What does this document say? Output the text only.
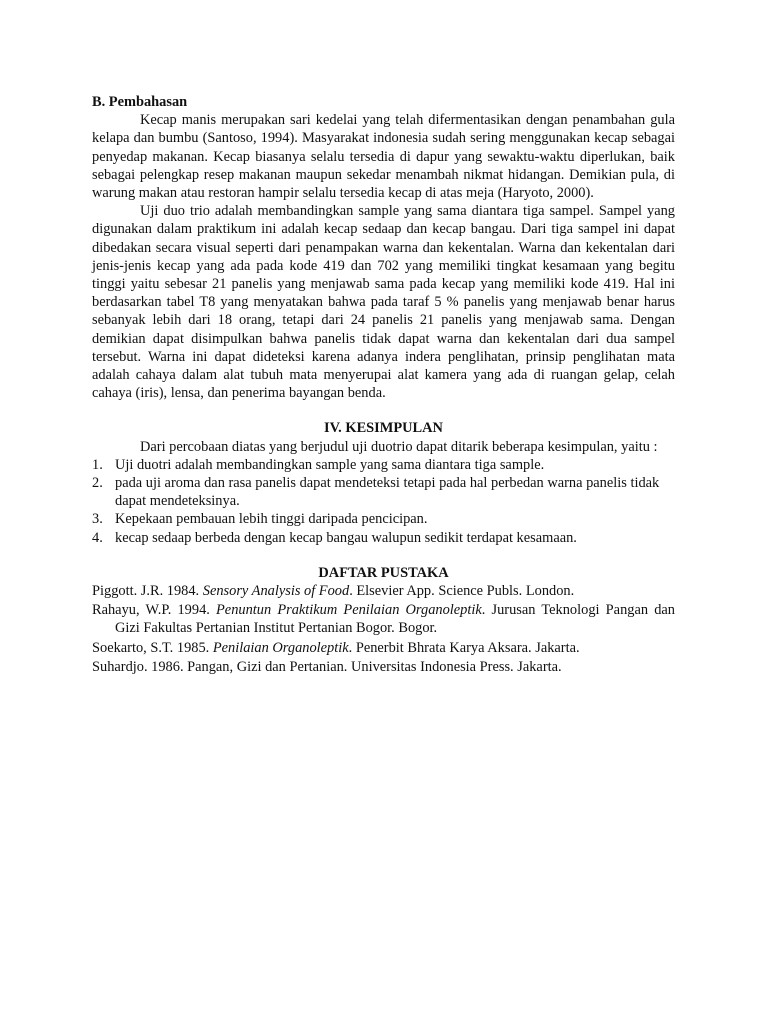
B. Pembahasan

Kecap manis merupakan sari kedelai yang telah difermentasikan dengan penambahan gula kelapa dan bumbu (Santoso, 1994). Masyarakat indonesia sudah sering menggunakan kecap sebagai penyedap makanan. Kecap biasanya selalu tersedia di dapur yang sewaktu-waktu diperlukan, baik sebagai pelengkap resep makanan maupun sekedar menambah nikmat hidangan. Demikian pula, di warung makan atau restoran hampir selalu tersedia kecap di atas meja (Haryoto, 2000).

Uji duo trio adalah membandingkan sample yang sama diantara tiga sampel. Sampel yang digunakan dalam praktikum ini adalah kecap sedaap dan kecap bangau. Dari tiga sampel ini dapat dibedakan secara visual seperti dari penampakan warna dan kekentalan. Warna dan kekentalan dari jenis-jenis kecap yang ada pada kode 419 dan 702 yang memiliki tingkat kesamaan yang begitu tinggi yaitu sebesar 21 panelis yang menjawab sama pada kecap yang memiliki kode 419. Hal ini berdasarkan tabel T8 yang menyatakan bahwa pada taraf 5 % panelis yang menjawab benar harus sebanyak lebih dari 18 orang, tetapi dari 24 panelis 21 panelis yang menjawab sama. Dengan demikian dapat disimpulkan bahwa panelis tidak dapat warna dan kekentalan dari dua sampel tersebut. Warna ini dapat dideteksi karena adanya indera penglihatan, prinsip penglihatan mata adalah cahaya dalam alat tubuh mata menyerupai alat kamera yang ada di ruangan gelap, celah cahaya (iris), lensa, dan penerima bayangan benda.

IV. KESIMPULAN

Dari percobaan diatas yang berjudul uji duotrio dapat ditarik beberapa kesimpulan, yaitu :

1. Uji duotri adalah membandingkan sample yang sama diantara tiga sample.
2. pada uji aroma dan rasa panelis dapat mendeteksi tetapi pada hal perbedan warna panelis tidak dapat mendeteksinya.
3. Kepekaan pembauan lebih tinggi daripada pencicipan.
4. kecap sedaap berbeda dengan kecap bangau walupun sedikit terdapat kesamaan.

DAFTAR PUSTAKA

Piggott. J.R. 1984. Sensory Analysis of Food. Elsevier App. Science Publs. London.

Rahayu, W.P. 1994. Penuntun Praktikum Penilaian Organoleptik. Jurusan Teknologi Pangan dan Gizi Fakultas Pertanian Institut Pertanian Bogor. Bogor.

Soekarto, S.T. 1985. Penilaian Organoleptik. Penerbit Bhrata Karya Aksara. Jakarta.

Suhardjo. 1986. Pangan, Gizi dan Pertanian. Universitas Indonesia Press. Jakarta.
